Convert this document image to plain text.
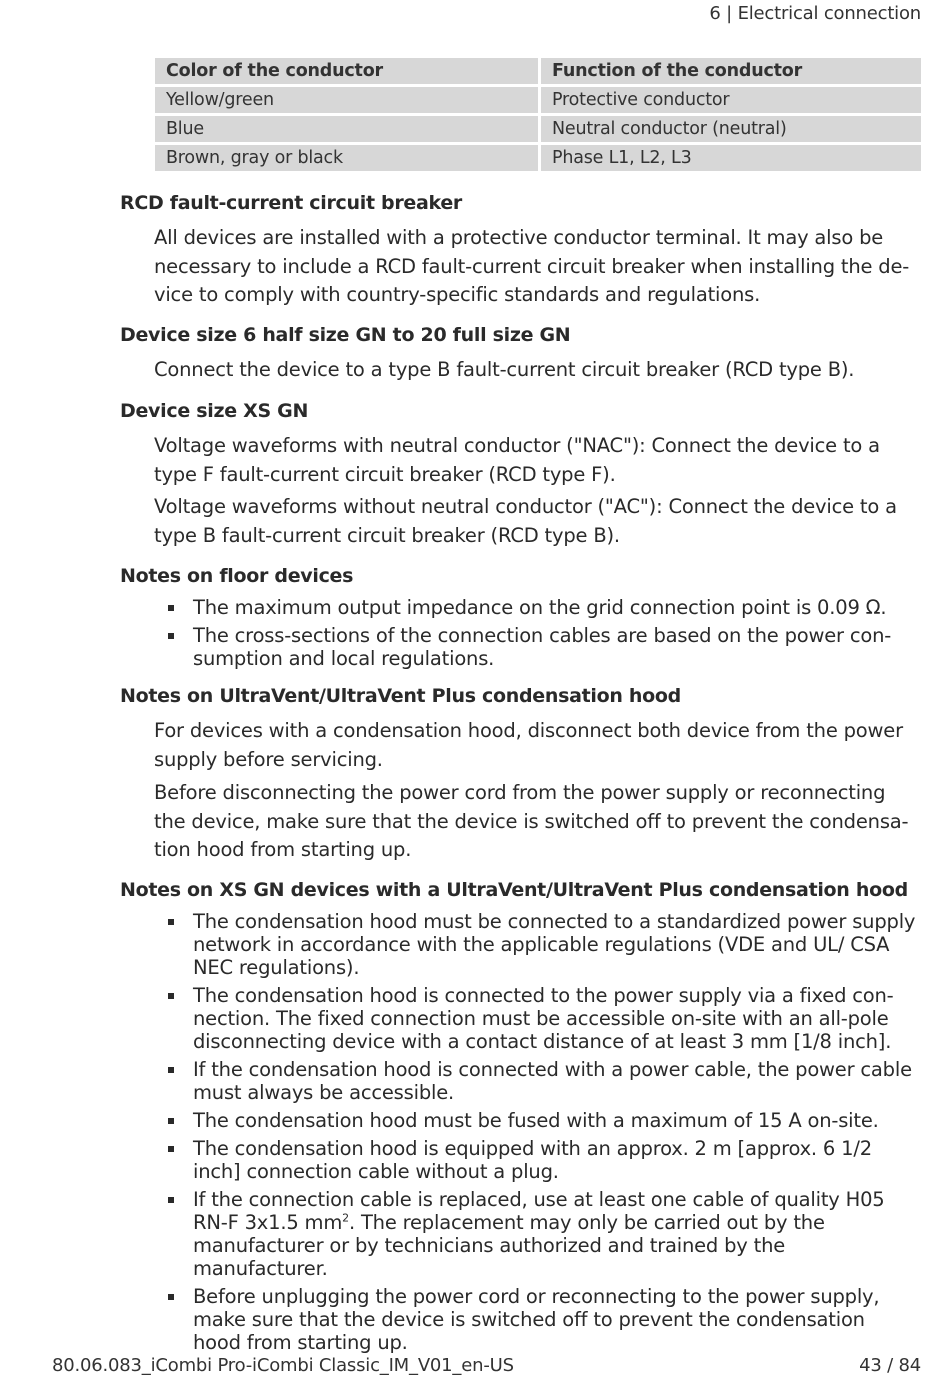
6 | Electrical connection
Color of the conductor	Function of the conductor
Yellow/green	Protective conductor
Blue	Neutral conductor (neutral)
Brown, gray or black	Phase L1, L2, L3
RCD fault-current circuit breaker
All devices are installed with a protective conductor terminal. It may also be necessary to include a RCD fault-current circuit breaker when installing the de-vice to comply with country-specific standards and regulations.
Device size 6 half size GN to 20 full size GN
Connect the device to a type B fault-current circuit breaker (RCD type B).
Device size XS GN
Voltage waveforms with neutral conductor ("NAC"): Connect the device to a type F fault-current circuit breaker (RCD type F).
Voltage waveforms without neutral conductor ("AC"): Connect the device to a type B fault-current circuit breaker (RCD type B).
Notes on floor devices
The maximum output impedance on the grid connection point is 0.09 Ω.
The cross-sections of the connection cables are based on the power con-sumption and local regulations.
Notes on UltraVent/UltraVent Plus condensation hood
For devices with a condensation hood, disconnect both device from the power supply before servicing.
Before disconnecting the power cord from the power supply or reconnecting the device, make sure that the device is switched off to prevent the condensa-tion hood from starting up.
Notes on XS GN devices with a UltraVent/UltraVent Plus condensation hood
The condensation hood must be connected to a standardized power supply network in accordance with the applicable regulations (VDE and UL/ CSA NEC regulations).
The condensation hood is connected to the power supply via a fixed con-nection. The fixed connection must be accessible on-site with an all-pole disconnecting device with a contact distance of at least 3 mm [1/8 inch].
If the condensation hood is connected with a power cable, the power cable must always be accessible.
The condensation hood must be fused with a maximum of 15 A on-site.
The condensation hood is equipped with an approx. 2 m [approx. 6 1/2 inch] connection cable without a plug.
If the connection cable is replaced, use at least one cable of quality H05 RN-F 3x1.5 $mm^2$. The replacement may only be carried out by the manufacturer or by technicians authorized and trained by the manufacturer.
Before unplugging the power cord or reconnecting to the power supply, make sure that the device is switched off to prevent the condensation hood from starting up.
80.06.083_iCombi Pro-iCombi Classic_IM_V01_en-US	43 / 84
